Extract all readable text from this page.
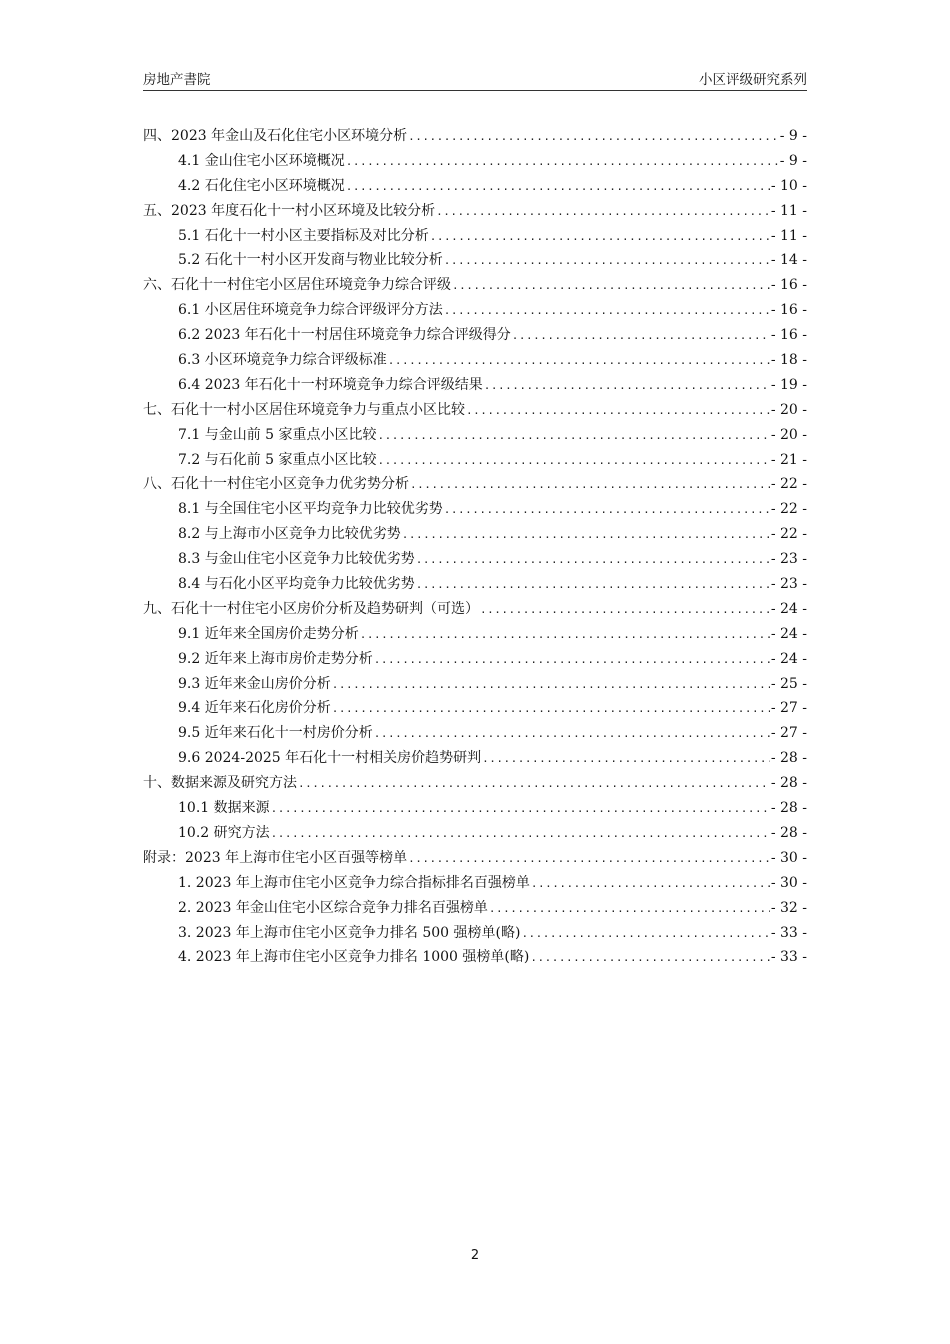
房地产書院	小区评级研究系列
四、2023 年金山及石化住宅小区环境分析 .....	- 9 -
4.1 金山住宅小区环境概况 .....	- 9 -
4.2 石化住宅小区环境概况 .....	- 10 -
五、2023 年度石化十一村小区环境及比较分析 .....	- 11 -
5.1 石化十一村小区主要指标及对比分析 .....	- 11 -
5.2 石化十一村小区开发商与物业比较分析 .....	- 14 -
六、石化十一村住宅小区居住环境竞争力综合评级 .....	- 16 -
6.1 小区居住环境竞争力综合评级评分方法 .....	- 16 -
6.2 2023 年石化十一村居住环境竞争力综合评级得分 .....	- 16 -
6.3 小区环境竞争力综合评级标准 .....	- 18 -
6.4 2023 年石化十一村环境竞争力综合评级结果 .....	- 19 -
七、石化十一村小区居住环境竞争力与重点小区比较 .....	- 20 -
7.1 与金山前 5 家重点小区比较 .....	- 20 -
7.2 与石化前 5 家重点小区比较 .....	- 21 -
八、石化十一村住宅小区竞争力优劣势分析 .....	- 22 -
8.1 与全国住宅小区平均竞争力比较优劣势 .....	- 22 -
8.2 与上海市小区竞争力比较优劣势 .....	- 22 -
8.3 与金山住宅小区竞争力比较优劣势 .....	- 23 -
8.4 与石化小区平均竞争力比较优劣势 .....	- 23 -
九、石化十一村住宅小区房价分析及趋势研判（可选） .....	- 24 -
9.1 近年来全国房价走势分析 .....	- 24 -
9.2 近年来上海市房价走势分析 .....	- 24 -
9.3 近年来金山房价分析 .....	- 25 -
9.4 近年来石化房价分析 .....	- 27 -
9.5 近年来石化十一村房价分析 .....	- 27 -
9.6 2024-2025 年石化十一村相关房价趋势研判 .....	- 28 -
十、数据来源及研究方法 .....	- 28 -
10.1 数据来源 .....	- 28 -
10.2 研究方法 .....	- 28 -
附录：2023 年上海市住宅小区百强等榜单 .....	- 30 -
1. 2023 年上海市住宅小区竞争力综合指标排名百强榜单 .....	- 30 -
2. 2023 年金山住宅小区综合竞争力排名百强榜单 .....	- 32 -
3. 2023 年上海市住宅小区竞争力排名 500 强榜单(略) .....	- 33 -
4. 2023 年上海市住宅小区竞争力排名 1000 强榜单(略) .....	- 33 -
2
